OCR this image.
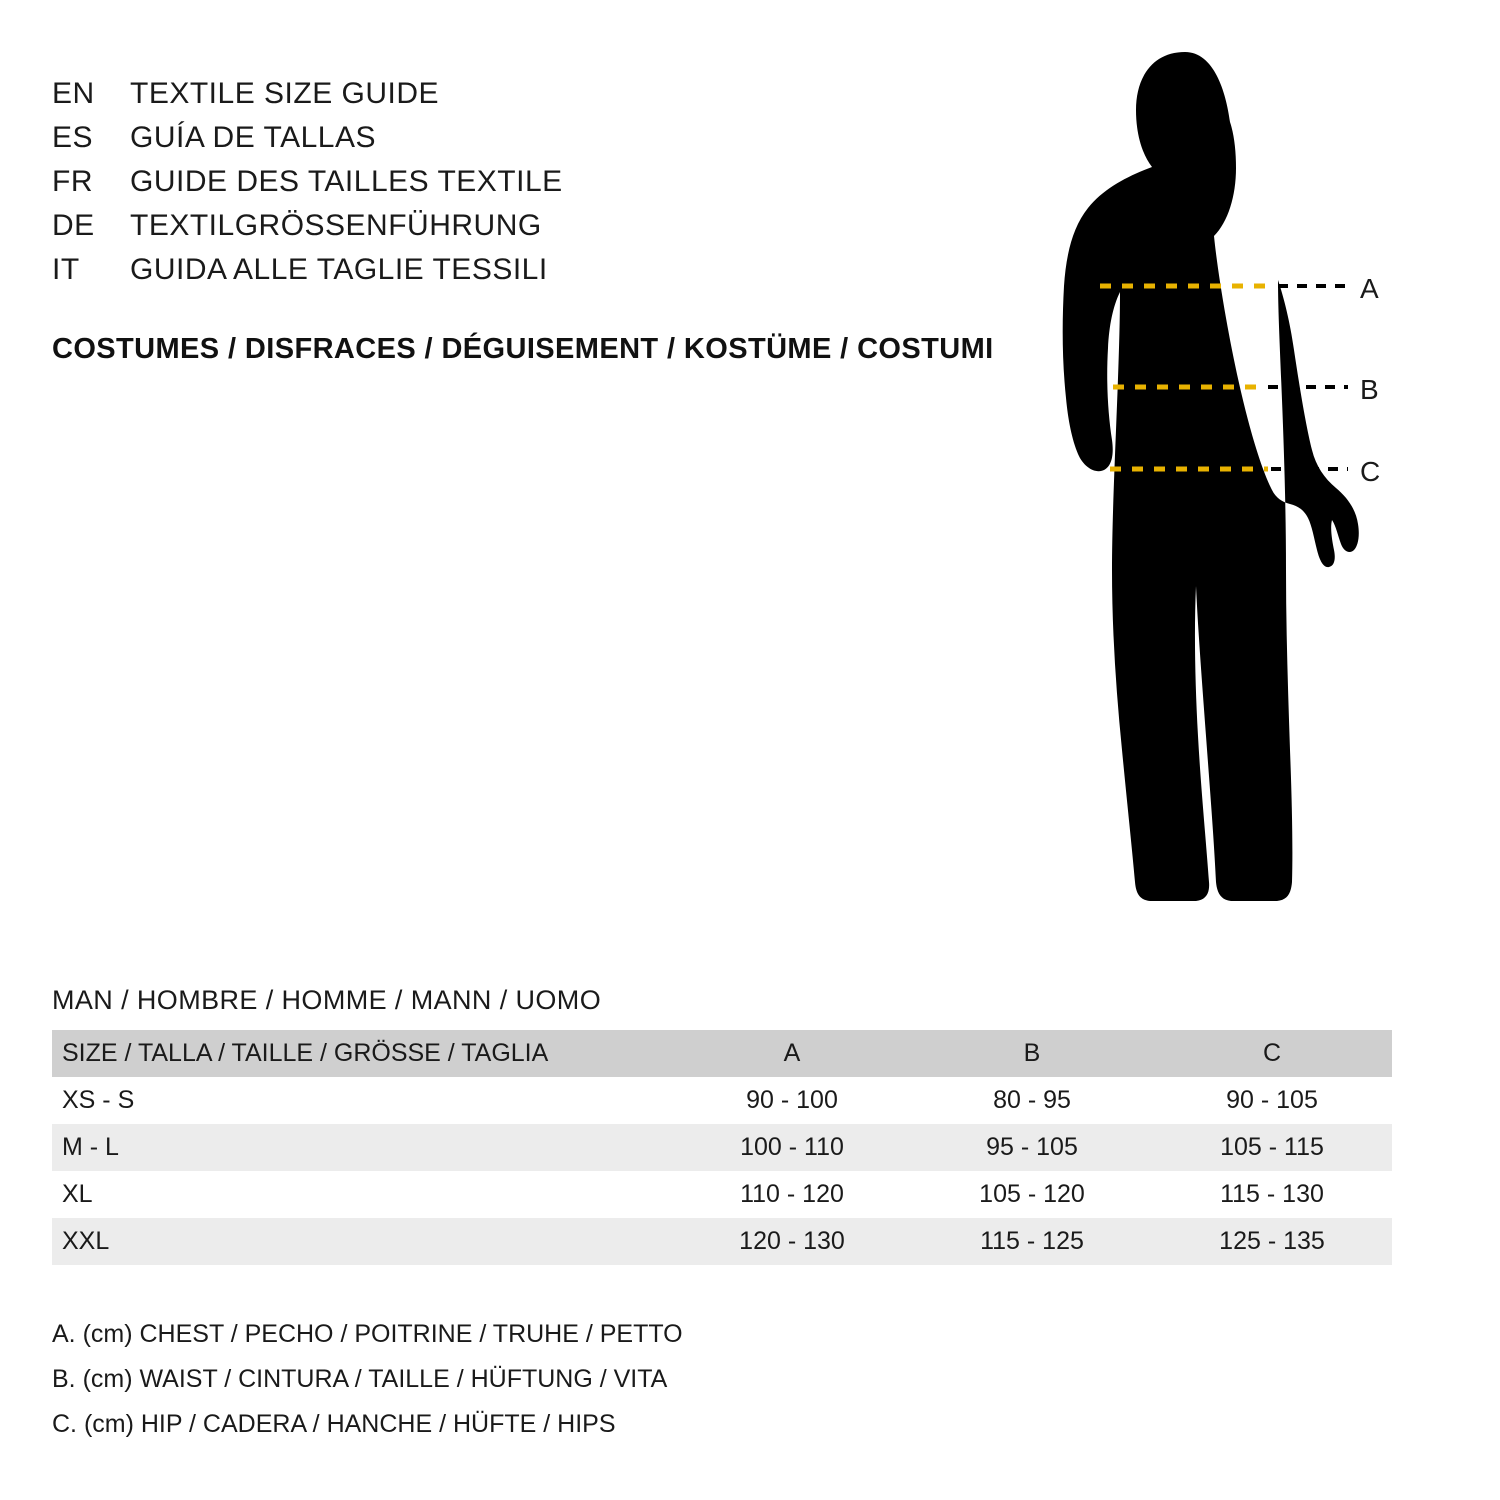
EN	TEXTILE SIZE GUIDE
ES	GUÍA DE TALLAS
FR	GUIDE DES TAILLES TEXTILE
DE	TEXTILGRÖSSENFÜHRUNG
IT	GUIDA ALLE TAGLIE TESSILI
COSTUMES / DISFRACES / DÉGUISEMENT / KOSTÜME / COSTUMI
A
B
C
MAN / HOMBRE / HOMME / MANN / UOMO
SIZE / TALLA / TAILLE / GRÖSSE / TAGLIA	A	B	C
XS - S	90 - 100	80 - 95	90 - 105
M - L	100 - 110	95 - 105	105 - 115
XL	110 - 120	105 - 120	115 - 130
XXL	120 - 130	115 - 125	125 - 135
A. (cm) CHEST / PECHO / POITRINE / TRUHE / PETTO
B. (cm) WAIST / CINTURA / TAILLE / HÜFTUNG / VITA
C. (cm) HIP / CADERA / HANCHE / HÜFTE / HIPS
